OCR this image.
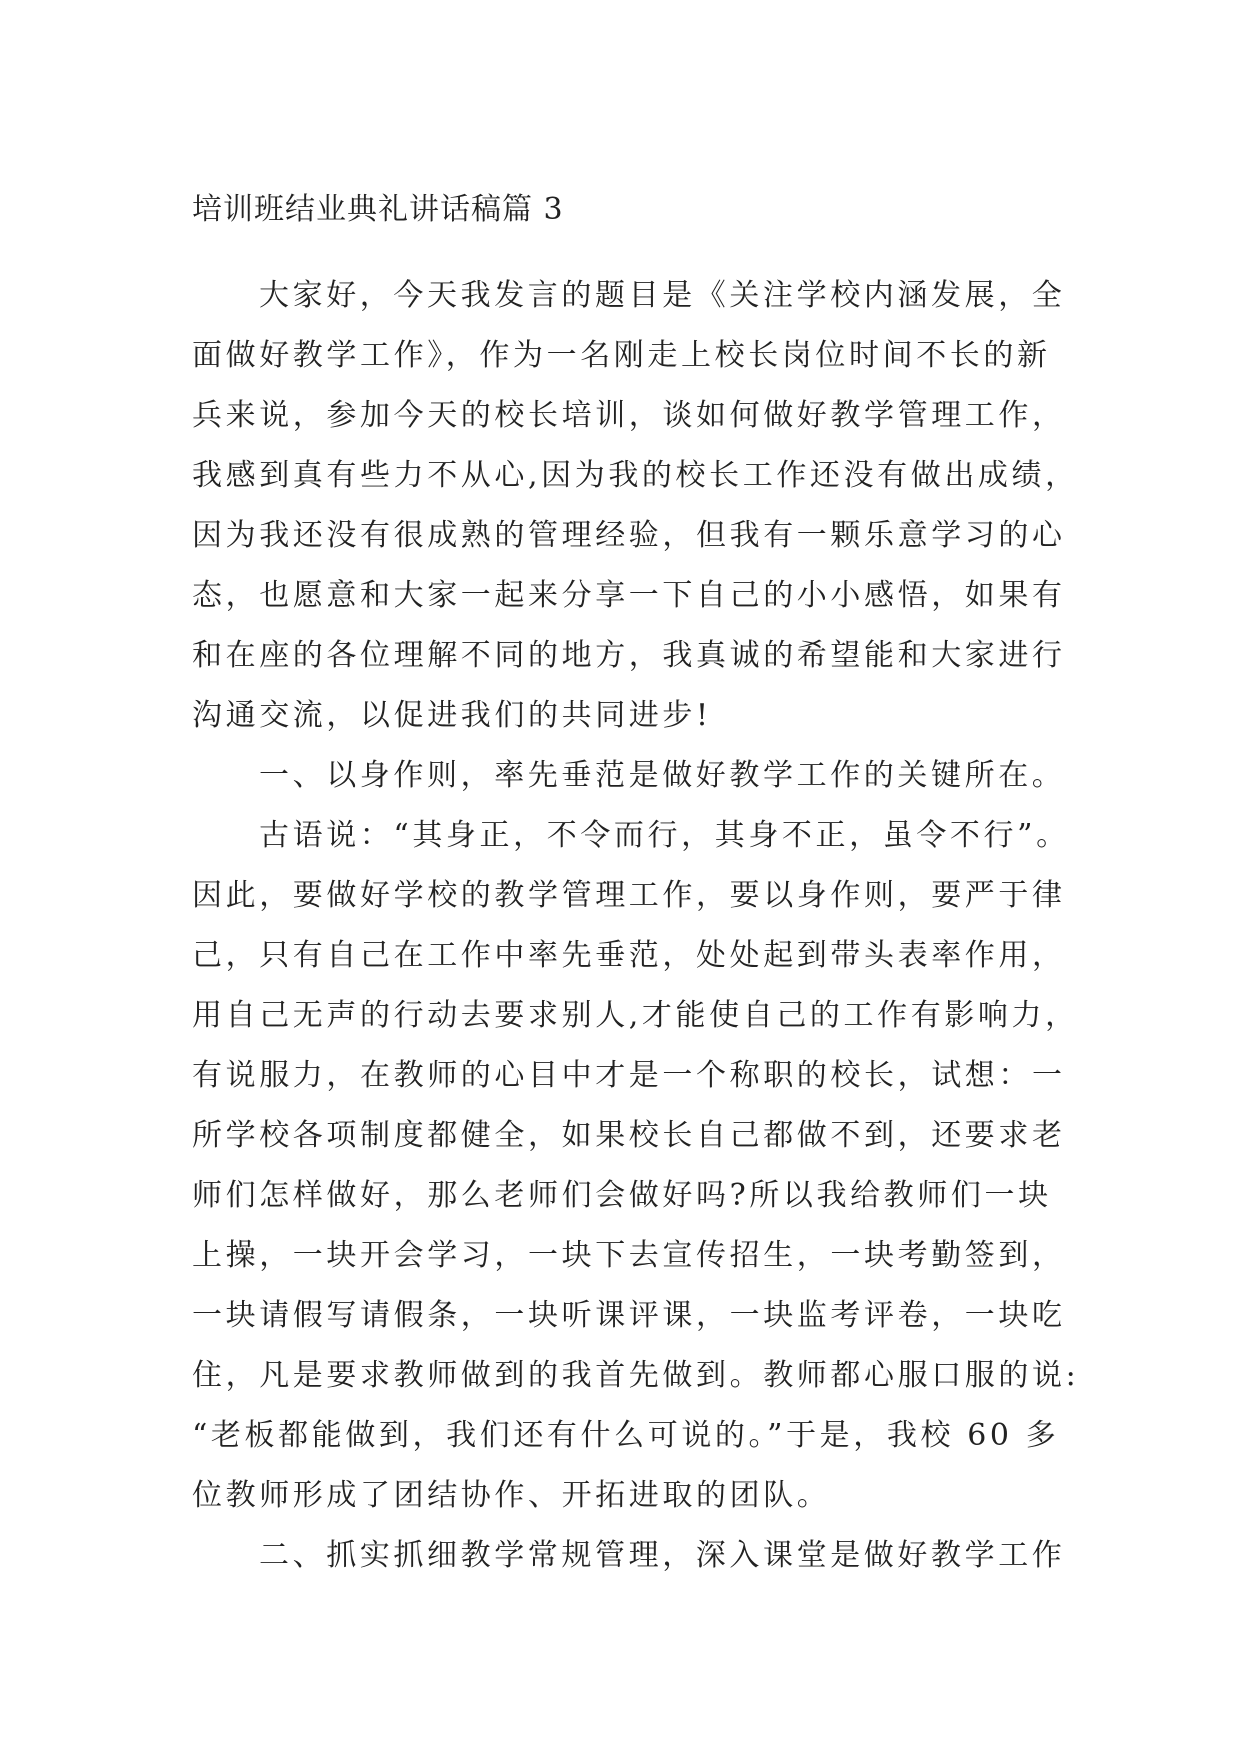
培训班结业典礼讲话稿篇 3

大家好，今天我发言的题目是《关注学校内涵发展，全
面做好教学工作》，作为一名刚走上校长岗位时间不长的新
兵来说，参加今天的校长培训，谈如何做好教学管理工作，
我感到真有些力不从心,因为我的校长工作还没有做出成绩，
因为我还没有很成熟的管理经验，但我有一颗乐意学习的心
态，也愿意和大家一起来分享一下自己的小小感悟，如果有
和在座的各位理解不同的地方，我真诚的希望能和大家进行
沟通交流，以促进我们的共同进步!

一、以身作则，率先垂范是做好教学工作的关键所在。

古语说：“其身正，不令而行，其身不正，虽令不行”。
因此，要做好学校的教学管理工作，要以身作则，要严于律
己，只有自己在工作中率先垂范，处处起到带头表率作用，
用自己无声的行动去要求别人,才能使自己的工作有影响力，
有说服力，在教师的心目中才是一个称职的校长，试想：一
所学校各项制度都健全，如果校长自己都做不到，还要求老
师们怎样做好，那么老师们会做好吗?所以我给教师们一块
上操，一块开会学习，一块下去宣传招生，一块考勤签到，
一块请假写请假条，一块听课评课，一块监考评卷，一块吃
住，凡是要求教师做到的我首先做到。教师都心服口服的说:
“老板都能做到，我们还有什么可说的。”于是，我校 60 多
位教师形成了团结协作、开拓进取的团队。

二、抓实抓细教学常规管理，深入课堂是做好教学工作
